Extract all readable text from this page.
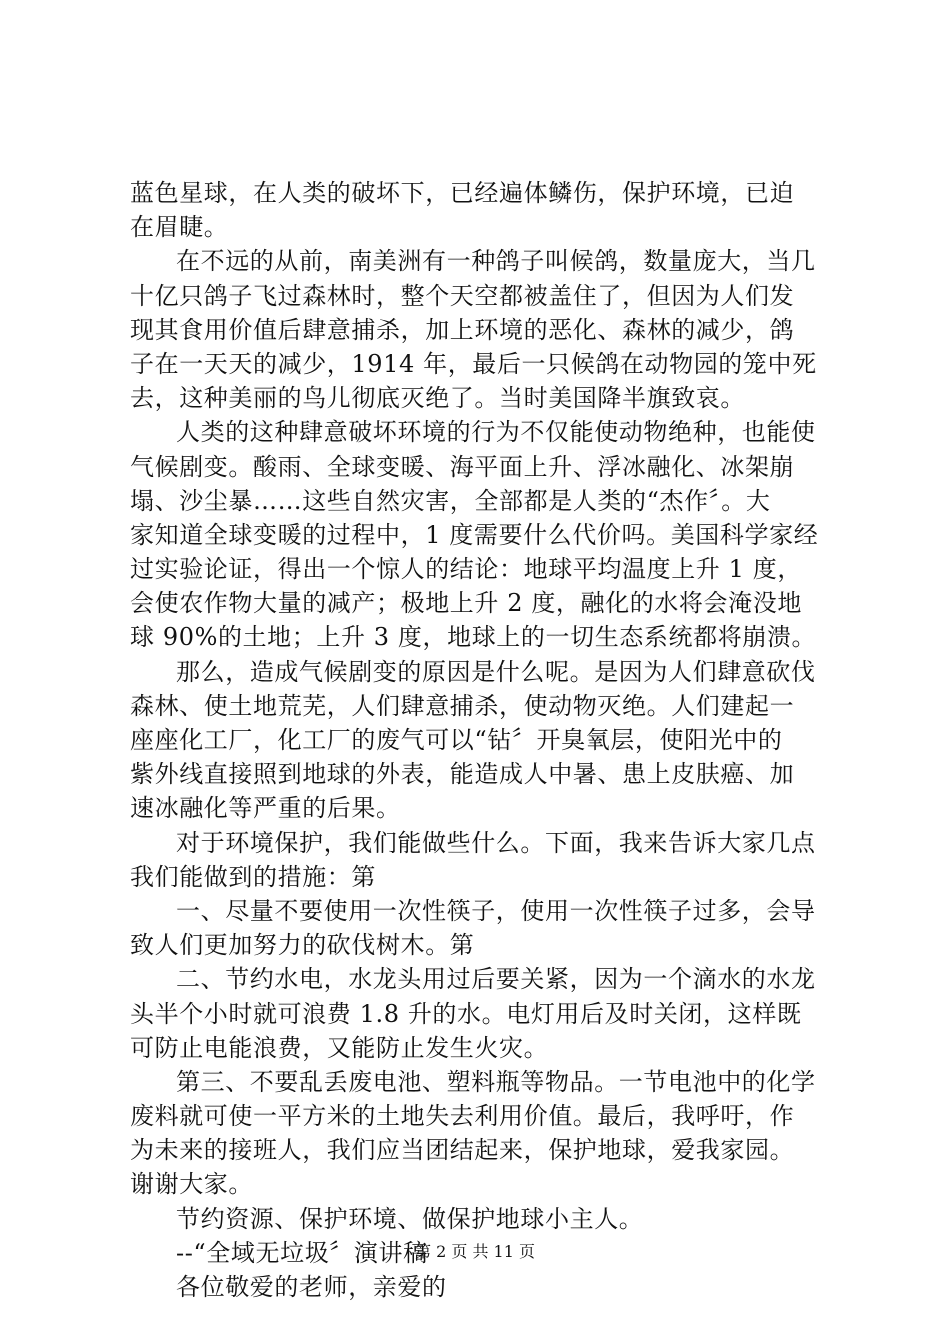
蓝色星球，在人类的破坏下，已经遍体鳞伤，保护环境，已迫
在眉睫。
在不远的从前，南美洲有一种鸽子叫候鸽，数量庞大，当几
十亿只鸽子飞过森林时，整个天空都被盖住了，但因为人们发
现其食用价值后肆意捕杀，加上环境的恶化、森林的减少，鸽
子在一天天的减少，1914 年，最后一只候鸽在动物园的笼中死
去，这种美丽的鸟儿彻底灭绝了。当时美国降半旗致哀。
人类的这种肆意破坏环境的行为不仅能使动物绝种，也能使
气候剧变。酸雨、全球变暖、海平面上升、浮冰融化、冰架崩
塌、沙尘暴……这些自然灾害，全部都是人类的“杰作〞。大
家知道全球变暖的过程中，1 度需要什么代价吗。美国科学家经
过实验论证，得出一个惊人的结论：地球平均温度上升 1 度，
会使农作物大量的减产；极地上升 2 度，融化的水将会淹没地
球 90%的土地；上升 3 度，地球上的一切生态系统都将崩溃。
那么，造成气候剧变的原因是什么呢。是因为人们肆意砍伐
森林、使土地荒芜，人们肆意捕杀，使动物灭绝。人们建起一
座座化工厂，化工厂的废气可以“钻〞开臭氧层，使阳光中的
紫外线直接照到地球的外表，能造成人中暑、患上皮肤癌、加
速冰融化等严重的后果。
对于环境保护，我们能做些什么。下面，我来告诉大家几点
我们能做到的措施：第
一、尽量不要使用一次性筷子，使用一次性筷子过多，会导
致人们更加努力的砍伐树木。第
二、节约水电，水龙头用过后要关紧，因为一个滴水的水龙
头半个小时就可浪费 1.8 升的水。电灯用后及时关闭，这样既
可防止电能浪费，又能防止发生火灾。
第三、不要乱丢废电池、塑料瓶等物品。一节电池中的化学
废料就可使一平方米的土地失去利用价值。最后，我呼吁，作
为未来的接班人，我们应当团结起来，保护地球，爱我家园。
谢谢大家。
节约资源、保护环境、做保护地球小主人。
--“全域无垃圾〞演讲稿
各位敬爱的老师，亲爱的
第 2 页 共 11 页
